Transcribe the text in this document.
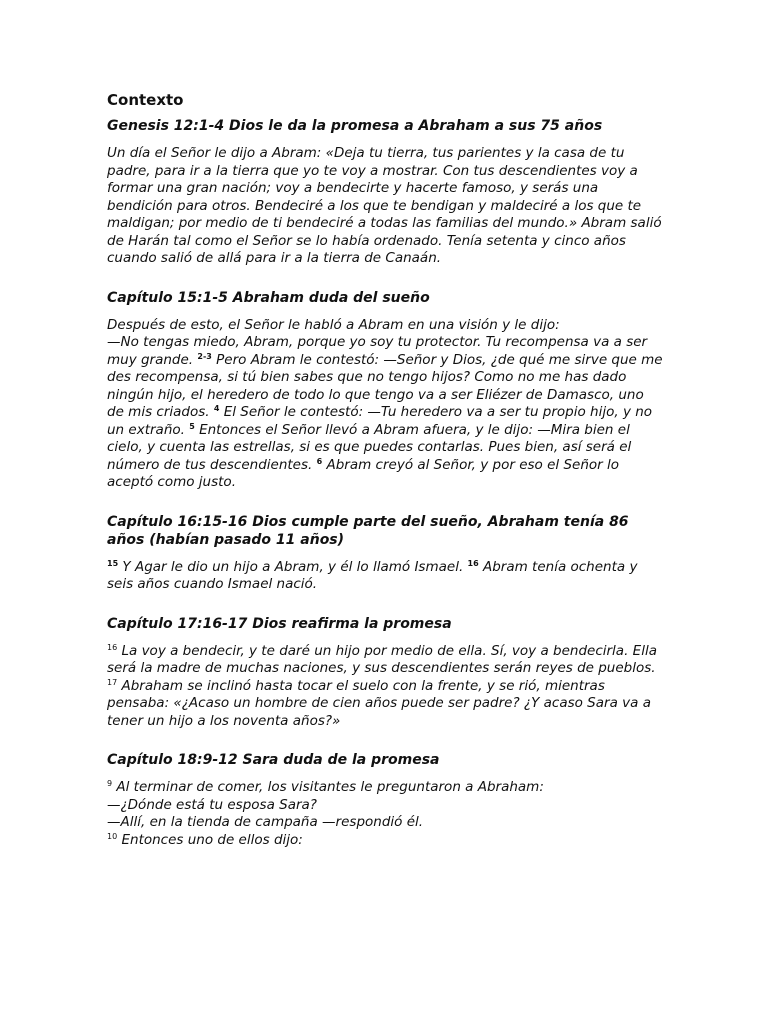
Contexto
Genesis 12:1-4 Dios le da la promesa a Abraham a sus 75 años

Un día el Señor le dijo a Abram: «Deja tu tierra, tus parientes y la casa de tu padre, para ir a la tierra que yo te voy a mostrar. Con tus descendientes voy a formar una gran nación; voy a bendecirte y hacerte famoso, y serás una bendición para otros. Bendeciré a los que te bendigan y maldeciré a los que te maldigan; por medio de ti bendeciré a todas las familias del mundo.» Abram salió de Harán tal como el Señor se lo había ordenado. Tenía setenta y cinco años cuando salió de allá para ir a la tierra de Canaán.

Capítulo 15:1-5 Abraham duda del sueño

Después de esto, el Señor le habló a Abram en una visión y le dijo:
—No tengas miedo, Abram, porque yo soy tu protector. Tu recompensa va a ser muy grande. $^{2-3}$ Pero Abram le contestó: —Señor y Dios, ¿de qué me sirve que me des recompensa, si tú bien sabes que no tengo hijos? Como no me has dado ningún hijo, el heredero de todo lo que tengo va a ser Eliézer de Damasco, uno de mis criados. $^4$ El Señor le contestó: —Tu heredero va a ser tu propio hijo, y no un extraño. $^5$ Entonces el Señor llevó a Abram afuera, y le dijo: —Mira bien el cielo, y cuenta las estrellas, si es que puedes contarlas. Pues bien, así será el número de tus descendientes. $^6$ Abram creyó al Señor, y por eso el Señor lo aceptó como justo.

Capítulo 16:15-16 Dios cumple parte del sueño, Abraham tenía 86 años (habían pasado 11 años)

$^{15}$ Y Agar le dio un hijo a Abram, y él lo llamó Ismael. $^{16}$ Abram tenía ochenta y seis años cuando Ismael nació.

Capítulo 17:16-17 Dios reafirma la promesa

$^{16}$ La voy a bendecir, y te daré un hijo por medio de ella. Sí, voy a bendecirla. Ella será la madre de muchas naciones, y sus descendientes serán reyes de pueblos.
$^{17}$ Abraham se inclinó hasta tocar el suelo con la frente, y se rió, mientras pensaba: «¿Acaso un hombre de cien años puede ser padre? ¿Y acaso Sara va a tener un hijo a los noventa años?»

Capítulo 18:9-12 Sara duda de la promesa

$^9$ Al terminar de comer, los visitantes le preguntaron a Abraham:
—¿Dónde está tu esposa Sara?
—Allí, en la tienda de campaña —respondió él.
$^{10}$ Entonces uno de ellos dijo:
